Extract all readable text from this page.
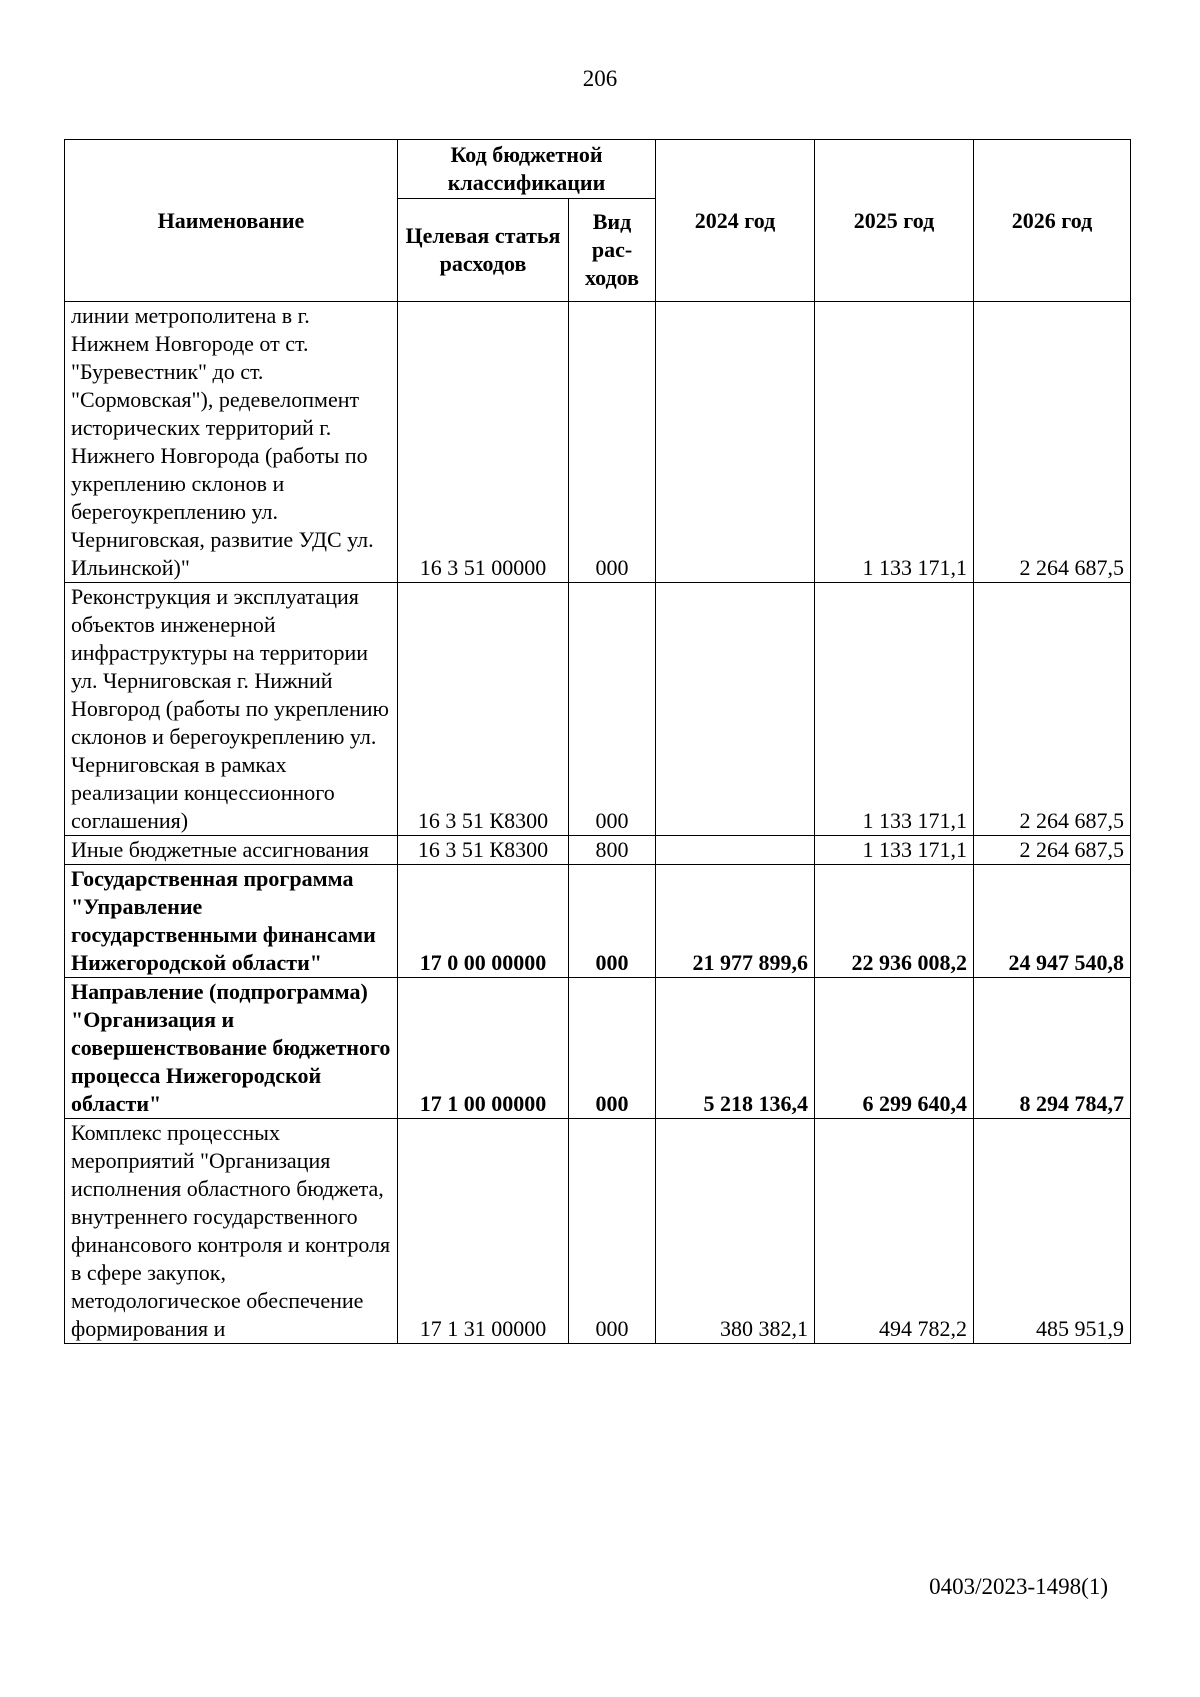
206
Наименование	Код бюджетной классификации		2024 год	2025 год	2026 год
	Целевая статья расходов	Вид рас- ходов			
линии метрополитена в г. Нижнем Новгороде от ст. "Буревестник" до ст. "Сормовская"), редевелопмент исторических территорий г. Нижнего Новгорода (работы по укреплению склонов и берегоукреплению ул. Черниговская, развитие УДС ул. Ильинской)"	16 3 51 00000	000		1 133 171,1	2 264 687,5
Реконструкция и эксплуатация объектов инженерной инфраструктуры на территории ул. Черниговская г. Нижний Новгород (работы по укреплению склонов и берегоукреплению ул. Черниговская в рамках реализации концессионного соглашения)	16 3 51 К8300	000		1 133 171,1	2 264 687,5
Иные бюджетные ассигнования	16 3 51 К8300	800		1 133 171,1	2 264 687,5
Государственная программа "Управление государственными финансами Нижегородской области"	17 0 00 00000	000	21 977 899,6	22 936 008,2	24 947 540,8
Направление (подпрограмма) "Организация и совершенствование бюджетного процесса Нижегородской области"	17 1 00 00000	000	5 218 136,4	6 299 640,4	8 294 784,7
Комплекс процессных мероприятий "Организация исполнения областного бюджета, внутреннего государственного финансового контроля и контроля в сфере закупок, методологическое обеспечение формирования и	17 1 31 00000	000	380 382,1	494 782,2	485 951,9
0403/2023-1498(1)
